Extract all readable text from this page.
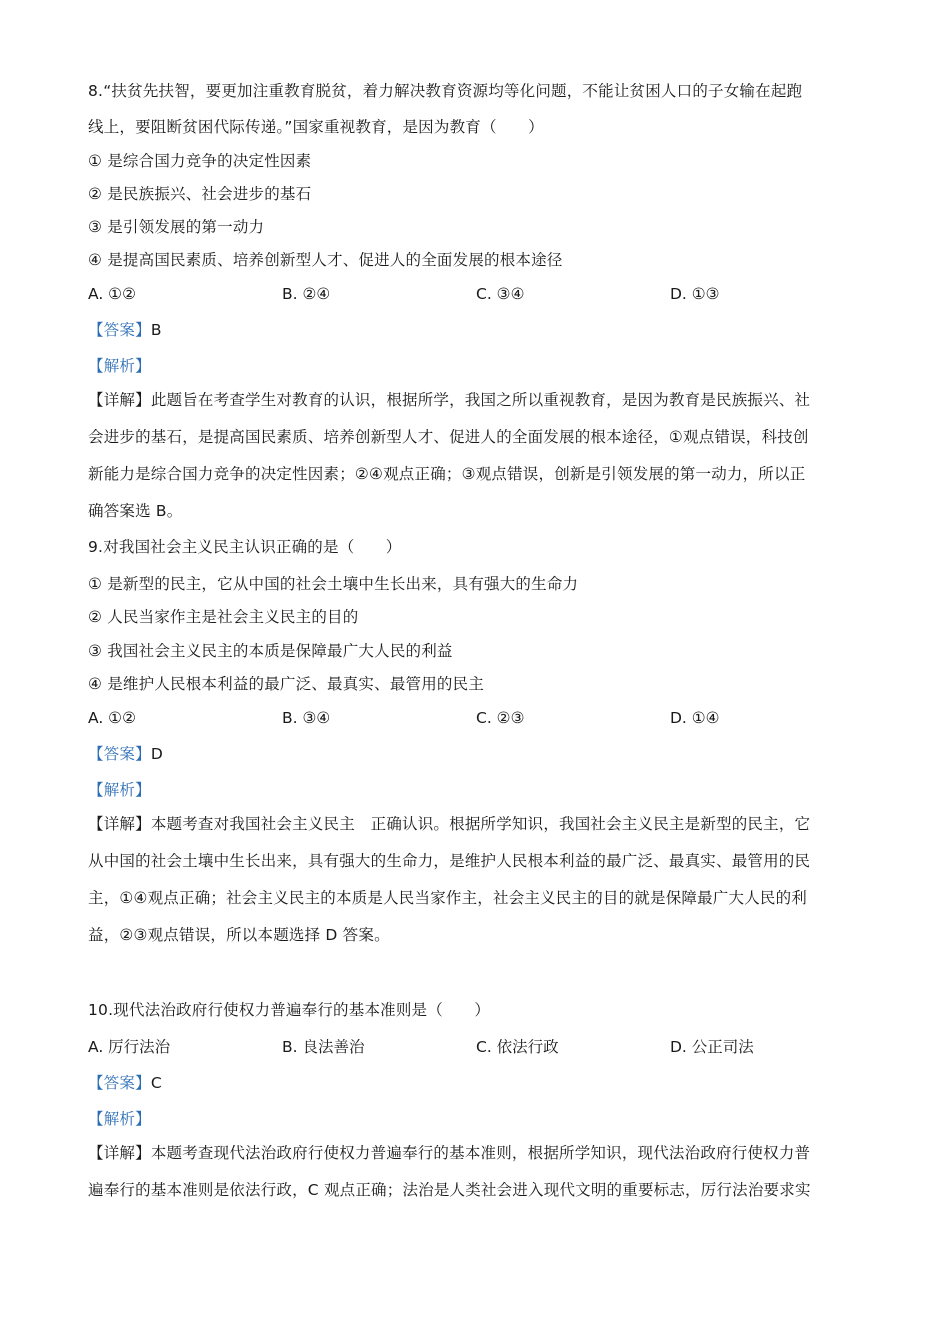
8.“扶贫先扶智，要更加注重教育脱贫，着力解决教育资源均等化问题，不能让贫困人口的子女输在起跑
线上，要阻断贫困代际传递。”国家重视教育，是因为教育（　　）
① 是综合国力竞争的决定性因素
② 是民族振兴、社会进步的基石
③ 是引领发展的第一动力
④ 是提高国民素质、培养创新型人才、促进人的全面发展的根本途径
A. ①②	B. ②④	C. ③④	D. ①③
【答案】B
【解析】
【详解】此题旨在考查学生对教育的认识，根据所学，我国之所以重视教育，是因为教育是民族振兴、社
会进步的基石，是提高国民素质、培养创新型人才、促进人的全面发展的根本途径，①观点错误，科技创
新能力是综合国力竞争的决定性因素；②④观点正确；③观点错误，创新是引领发展的第一动力，所以正
确答案选 B。
9.对我国社会主义民主认识正确的是（　　）
① 是新型的民主，它从中国的社会土壤中生长出来，具有强大的生命力
② 人民当家作主是社会主义民主的目的
③ 我国社会主义民主的本质是保障最广大人民的利益
④ 是维护人民根本利益的最广泛、最真实、最管用的民主
A. ①②	B. ③④	C. ②③	D. ①④
【答案】D
【解析】
【详解】本题考查对我国社会主义民主　正确认识。根据所学知识，我国社会主义民主是新型的民主，它
从中国的社会土壤中生长出来，具有强大的生命力，是维护人民根本利益的最广泛、最真实、最管用的民
主，①④观点正确；社会主义民主的本质是人民当家作主，社会主义民主的目的就是保障最广大人民的利
益，②③观点错误，所以本题选择 D 答案。
10.现代法治政府行使权力普遍奉行的基本准则是（　　）
A. 厉行法治	B. 良法善治	C. 依法行政	D. 公正司法
【答案】C
【解析】
【详解】本题考查现代法治政府行使权力普遍奉行的基本准则，根据所学知识，现代法治政府行使权力普
遍奉行的基本准则是依法行政，C 观点正确；法治是人类社会进入现代文明的重要标志，厉行法治要求实
